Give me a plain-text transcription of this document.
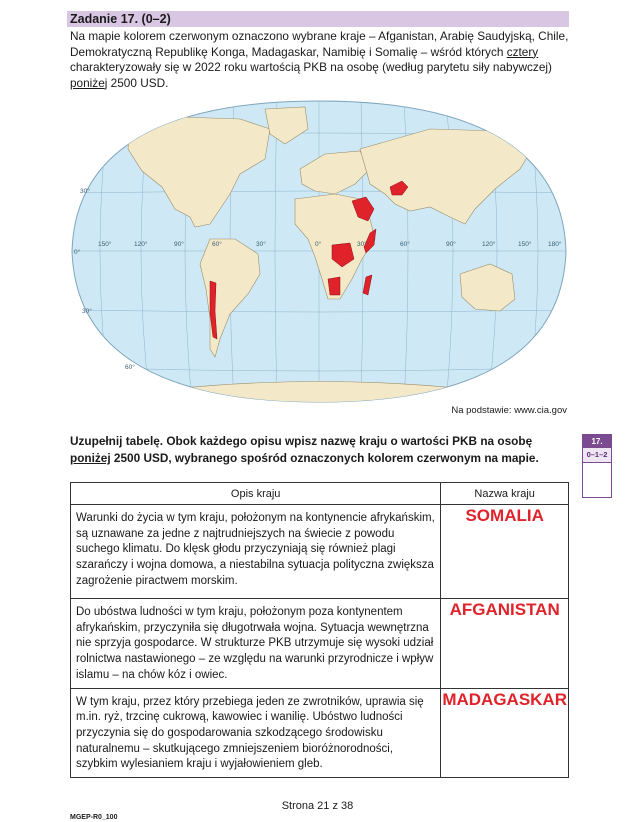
Zadanie 17. (0–2)
Na mapie kolorem czerwonym oznaczono wybrane kraje – Afganistan, Arabię Saudyjską, Chile, Demokratyczną Republikę Konga, Madagaskar, Namibię i Somalię – wśród których cztery charakteryzowały się w 2022 roku wartością PKB na osobę (według parytetu siły nabywczej) poniżej 2500 USD.
30°
0°
30°
60°
150°	120°	90°	60°	30°	0°	30°	60°	90°	120°	150°	180°
Na podstawie: www.cia.gov
Uzupełnij tabelę. Obok każdego opisu wpisz nazwę kraju o wartości PKB na osobę poniżej 2500 USD, wybranego spośród oznaczonych kolorem czerwonym na mapie.
17.
0–1–2
Opis kraju	Nazwa kraju
Warunki do życia w tym kraju, położonym na kontynencie afrykańskim, są uznawane za jedne z najtrudniejszych na świecie z powodu suchego klimatu. Do klęsk głodu przyczyniają się również plagi szarańczy i wojna domowa, a niestabilna sytuacja polityczna zwiększa zagrożenie piractwem morskim.	SOMALIA
Do ubóstwa ludności w tym kraju, położonym poza kontynentem afrykańskim, przyczyniła się długotrwała wojna. Sytuacja wewnętrzna nie sprzyja gospodarce. W strukturze PKB utrzymuje się wysoki udział rolnictwa nastawionego – ze względu na warunki przyrodnicze i wpływ islamu – na chów kóz i owiec.	AFGANISTAN
W tym kraju, przez który przebiega jeden ze zwrotników, uprawia się m.in. ryż, trzcinę cukrową, kawowiec i wanilię. Ubóstwo ludności przyczynia się do gospodarowania szkodzącego środowisku naturalnemu – skutkującego zmniejszeniem bioróżnorodności, szybkim wylesianiem kraju i wyjałowieniem gleb.	MADAGASKAR
Strona 21 z 38
MGEP-R0_100
